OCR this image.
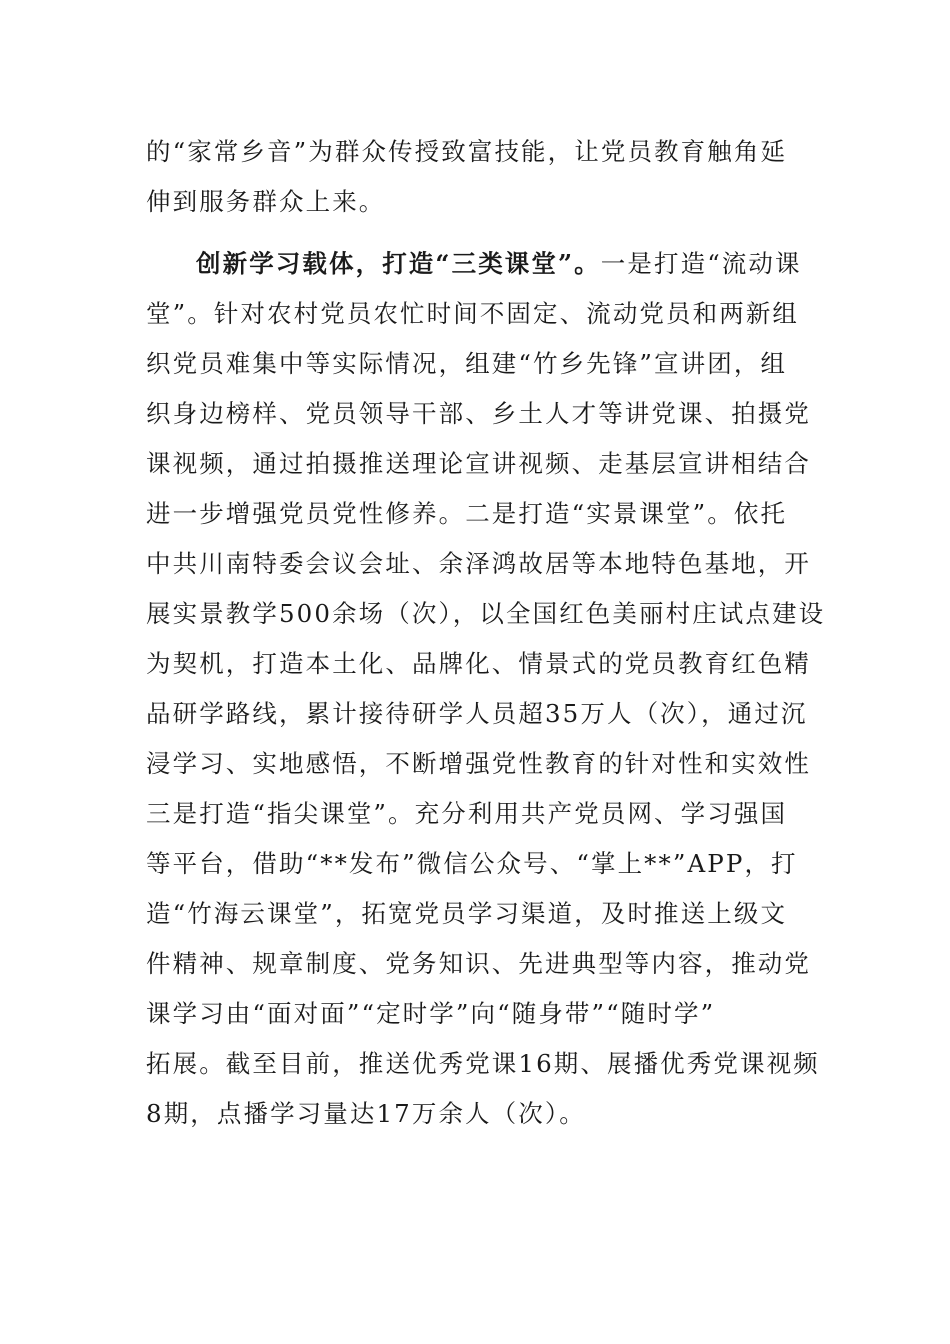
的“家常乡音”为群众传授致富技能，让党员教育触角延
伸到服务群众上来。
创新学习载体，打造“三类课堂”。一是打造“流动课
堂”。针对农村党员农忙时间不固定、流动党员和两新组
织党员难集中等实际情况，组建“竹乡先锋”宣讲团，组
织身边榜样、党员领导干部、乡土人才等讲党课、拍摄党
课视频，通过拍摄推送理论宣讲视频、走基层宣讲相结合
进一步增强党员党性修养。二是打造“实景课堂”。依托
中共川南特委会议会址、余泽鸿故居等本地特色基地，开
展实景教学500余场（次），以全国红色美丽村庄试点建设
为契机，打造本土化、品牌化、情景式的党员教育红色精
品研学路线，累计接待研学人员超35万人（次），通过沉
浸学习、实地感悟，不断增强党性教育的针对性和实效性
三是打造“指尖课堂”。充分利用共产党员网、学习强国
等平台，借助“**发布”微信公众号、“掌上**”APP，打
造“竹海云课堂”，拓宽党员学习渠道，及时推送上级文
件精神、规章制度、党务知识、先进典型等内容，推动党
课学习由“面对面”“定时学”向“随身带”“随时学”
拓展。截至目前，推送优秀党课16期、展播优秀党课视频
8期，点播学习量达17万余人（次）。
